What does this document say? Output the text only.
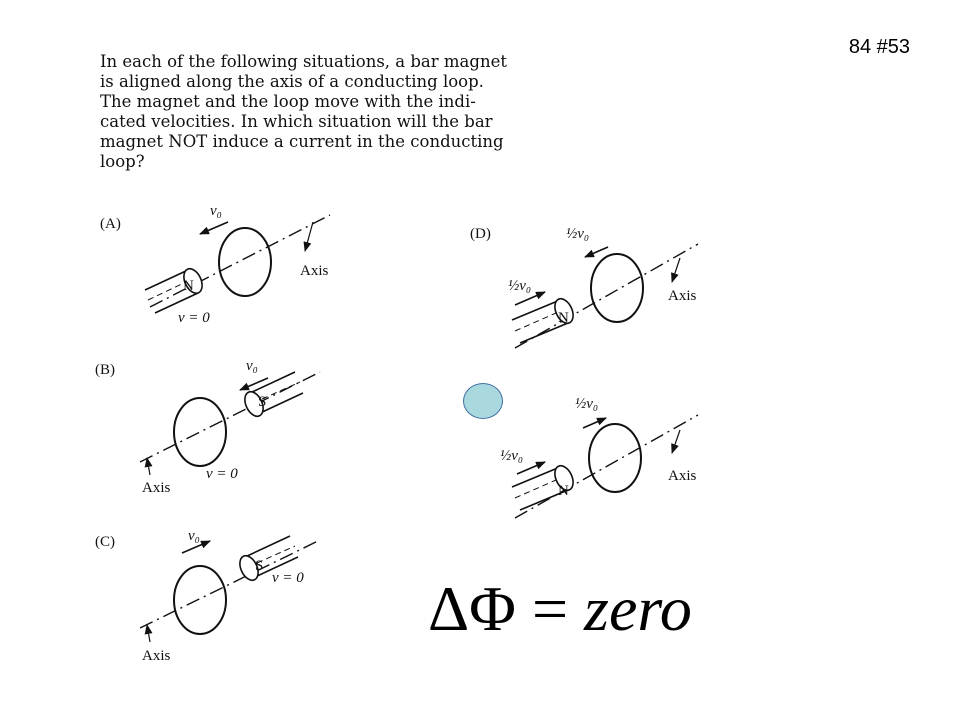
84 #53
In each of the following situations, a bar magnet
is aligned along the axis of a conducting loop.
The magnet and the loop move with the indi-
cated velocities. In which situation will the bar
magnet NOT induce a current in the conducting
loop?
(A)
N
v₀
v = 0
Axis
(B)
S
v₀
v = 0
Axis
(C)
S
v₀
v = 0
Axis
(D)
N
½v₀
½v₀
Axis
N
½v₀
½v₀
Axis
ΔΦ = zero
